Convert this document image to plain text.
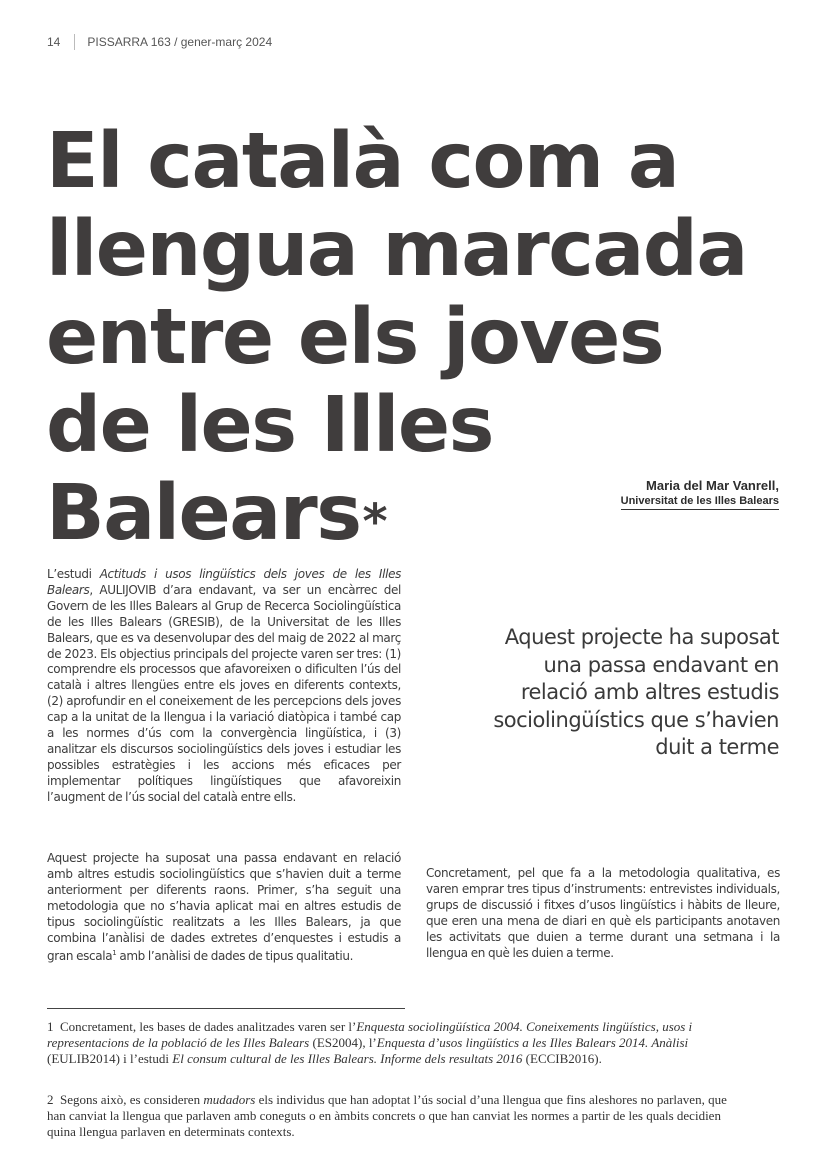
14	PISSARRA 163 / gener-març 2024
El català com a llengua marcada entre els joves de les Illes Balears*
Maria del Mar Vanrell,
Universitat de les Illes Balears

L’estudi Actituds i usos lingüístics dels joves de les Illes Balears, AULIJOVIB d’ara endavant, va ser un encàrrec del Govern de les Illes Balears al Grup de Recerca Sociolingüística de les Illes Balears (GRESIB), de la Universitat de les Illes Balears, que es va desenvolupar des del maig de 2022 al març de 2023. Els objectius principals del projecte varen ser tres: (1) comprendre els processos que afavoreixen o dificulten l’ús del català i altres llengües entre els joves en diferents contexts, (2) aprofundir en el coneixement de les percepcions dels joves cap a la unitat de la llengua i la variació diatòpica i també cap a les normes d’ús com la convergència lingüística, i (3) analitzar els discursos sociolingüístics dels joves i estudiar les possibles estratègies i les accions més eficaces per implementar polítiques lingüístiques que afavoreixin l’augment de l’ús social del català entre ells.

Aquest projecte ha suposat una passa endavant en relació amb altres estudis sociolingüístics que s’havien duit a terme anteriorment per diferents raons. Primer, s’ha seguit una metodologia que no s’havia aplicat mai en altres estudis de tipus sociolingüístic realitzats a les Illes Balears, ja que combina l’anàlisi de dades extretes d’enquestes i estudis a gran escala$^1$ amb l’anàlisi de dades de tipus qualitatiu.

Aquest projecte ha suposat una passa endavant en relació amb altres estudis sociolingüístics que s’havien duit a terme

Concretament, pel que fa a la metodologia qualitativa, es varen emprar tres tipus d’instruments: entrevistes individuals, grups de discussió i fitxes d’usos lingüístics i hàbits de lleure, que eren una mena de diari en què els participants anotaven les activitats que duien a terme durant una setmana i la llengua en què les duien a terme.

1 Concretament, les bases de dades analitzades varen ser l’Enquesta sociolingüística 2004. Coneixements lingüístics, usos i representacions de la població de les Illes Balears (ES2004), l’Enquesta d’usos lingüístics a les Illes Balears 2014. Anàlisi (EULIB2014) i l’estudi El consum cultural de les Illes Balears. Informe dels resultats 2016 (ECCIB2016).

2 Segons això, es consideren mudadors els individus que han adoptat l’ús social d’una llengua que fins aleshores no parlaven, que han canviat la llengua que parlaven amb coneguts o en àmbits concrets o que han canviat les normes a partir de les quals decidien quina llengua parlaven en determinats contexts.
